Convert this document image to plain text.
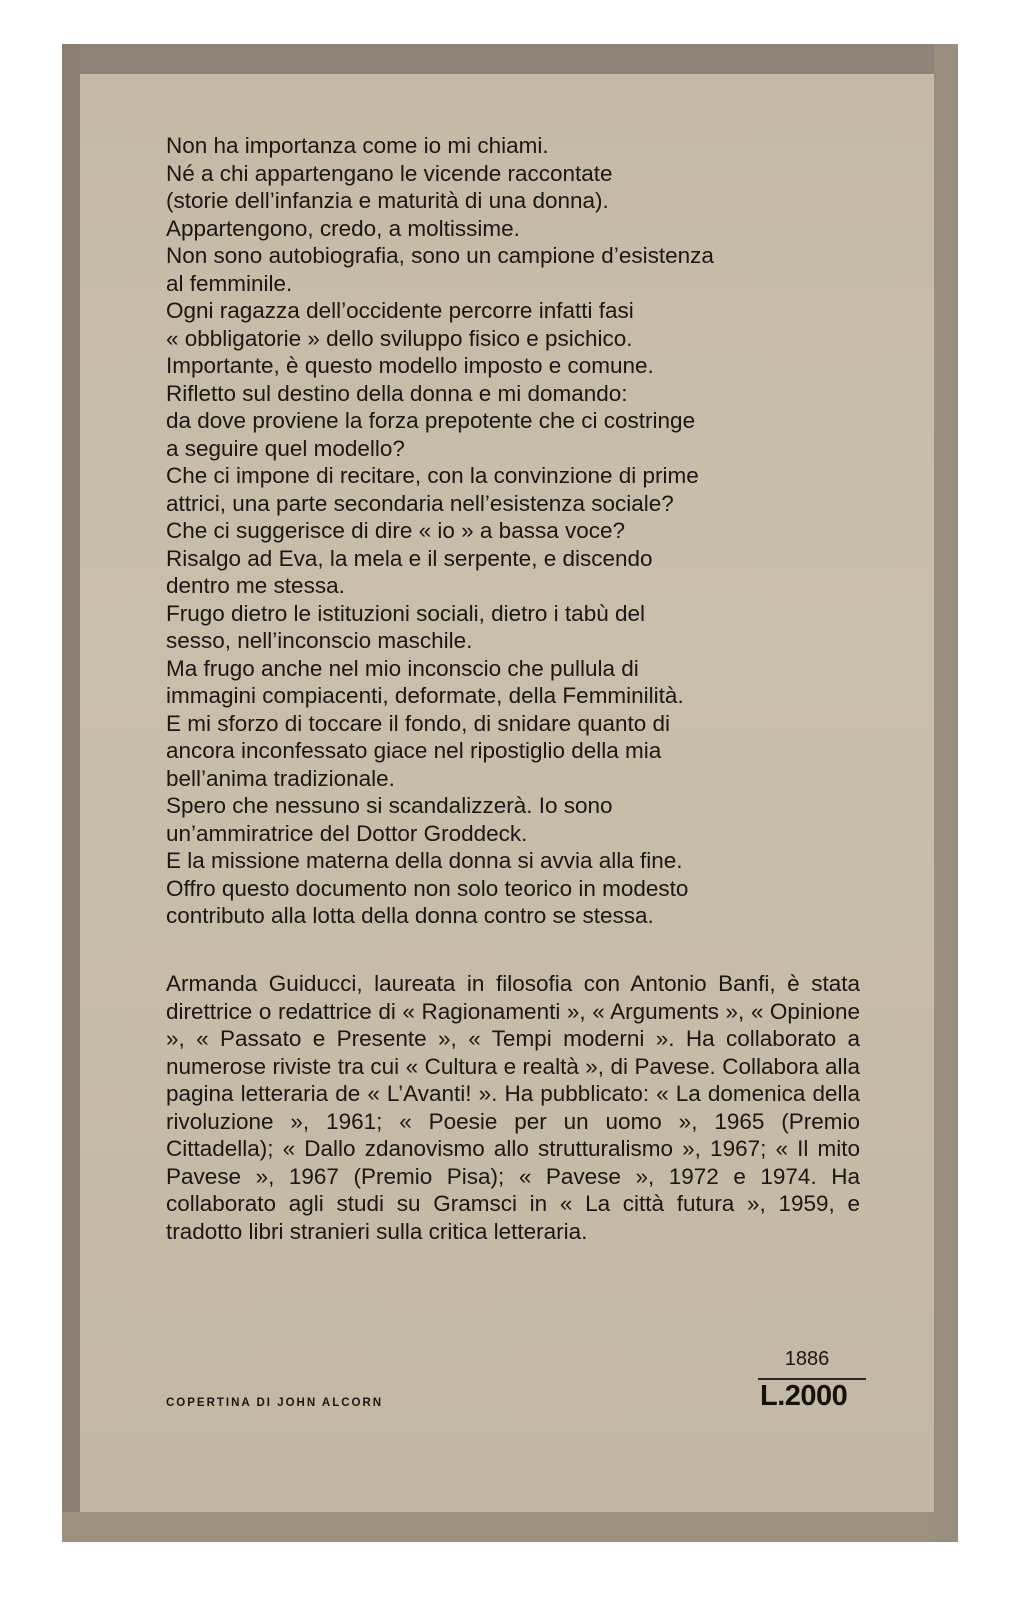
Non ha importanza come io mi chiami.
Né a chi appartengano le vicende raccontate
(storie dell’infanzia e maturità di una donna).
Appartengono, credo, a moltissime.
Non sono autobiografia, sono un campione d’esistenza
al femminile.
Ogni ragazza dell’occidente percorre infatti fasi
« obbligatorie » dello sviluppo fisico e psichico.
Importante, è questo modello imposto e comune.
Rifletto sul destino della donna e mi domando:
da dove proviene la forza prepotente che ci costringe
a seguire quel modello?
Che ci impone di recitare, con la convinzione di prime
attrici, una parte secondaria nell’esistenza sociale?
Che ci suggerisce di dire « io » a bassa voce?
Risalgo ad Eva, la mela e il serpente, e discendo
dentro me stessa.
Frugo dietro le istituzioni sociali, dietro i tabù del
sesso, nell’inconscio maschile.
Ma frugo anche nel mio inconscio che pullula di
immagini compiacenti, deformate, della Femminilità.
E mi sforzo di toccare il fondo, di snidare quanto di
ancora inconfessato giace nel ripostiglio della mia
bell’anima tradizionale.
Spero che nessuno si scandalizzerà. Io sono
un’ammiratrice del Dottor Groddeck.
E la missione materna della donna si avvia alla fine.
Offro questo documento non solo teorico in modesto
contributo alla lotta della donna contro se stessa.
Armanda Guiducci, laureata in filosofia con Antonio Banfi, è stata direttrice o redattrice di « Ragionamenti », « Arguments », « Opinione », « Passato e Presente », « Tempi moderni ». Ha collaborato a numerose riviste tra cui « Cultura e realtà », di Pavese. Collabora alla pagina letteraria de « L’Avanti! ». Ha pubblicato: « La domenica della rivoluzione », 1961; « Poesie per un uomo », 1965 (Premio Cittadella); « Dallo zdanovismo allo strutturalismo », 1967; « Il mito Pavese », 1967 (Premio Pisa); « Pavese », 1972 e 1974. Ha collaborato agli studi su Gramsci in « La città futura », 1959, e tradotto libri stranieri sulla critica letteraria.
1886
L.2000
COPERTINA DI JOHN ALCORN
